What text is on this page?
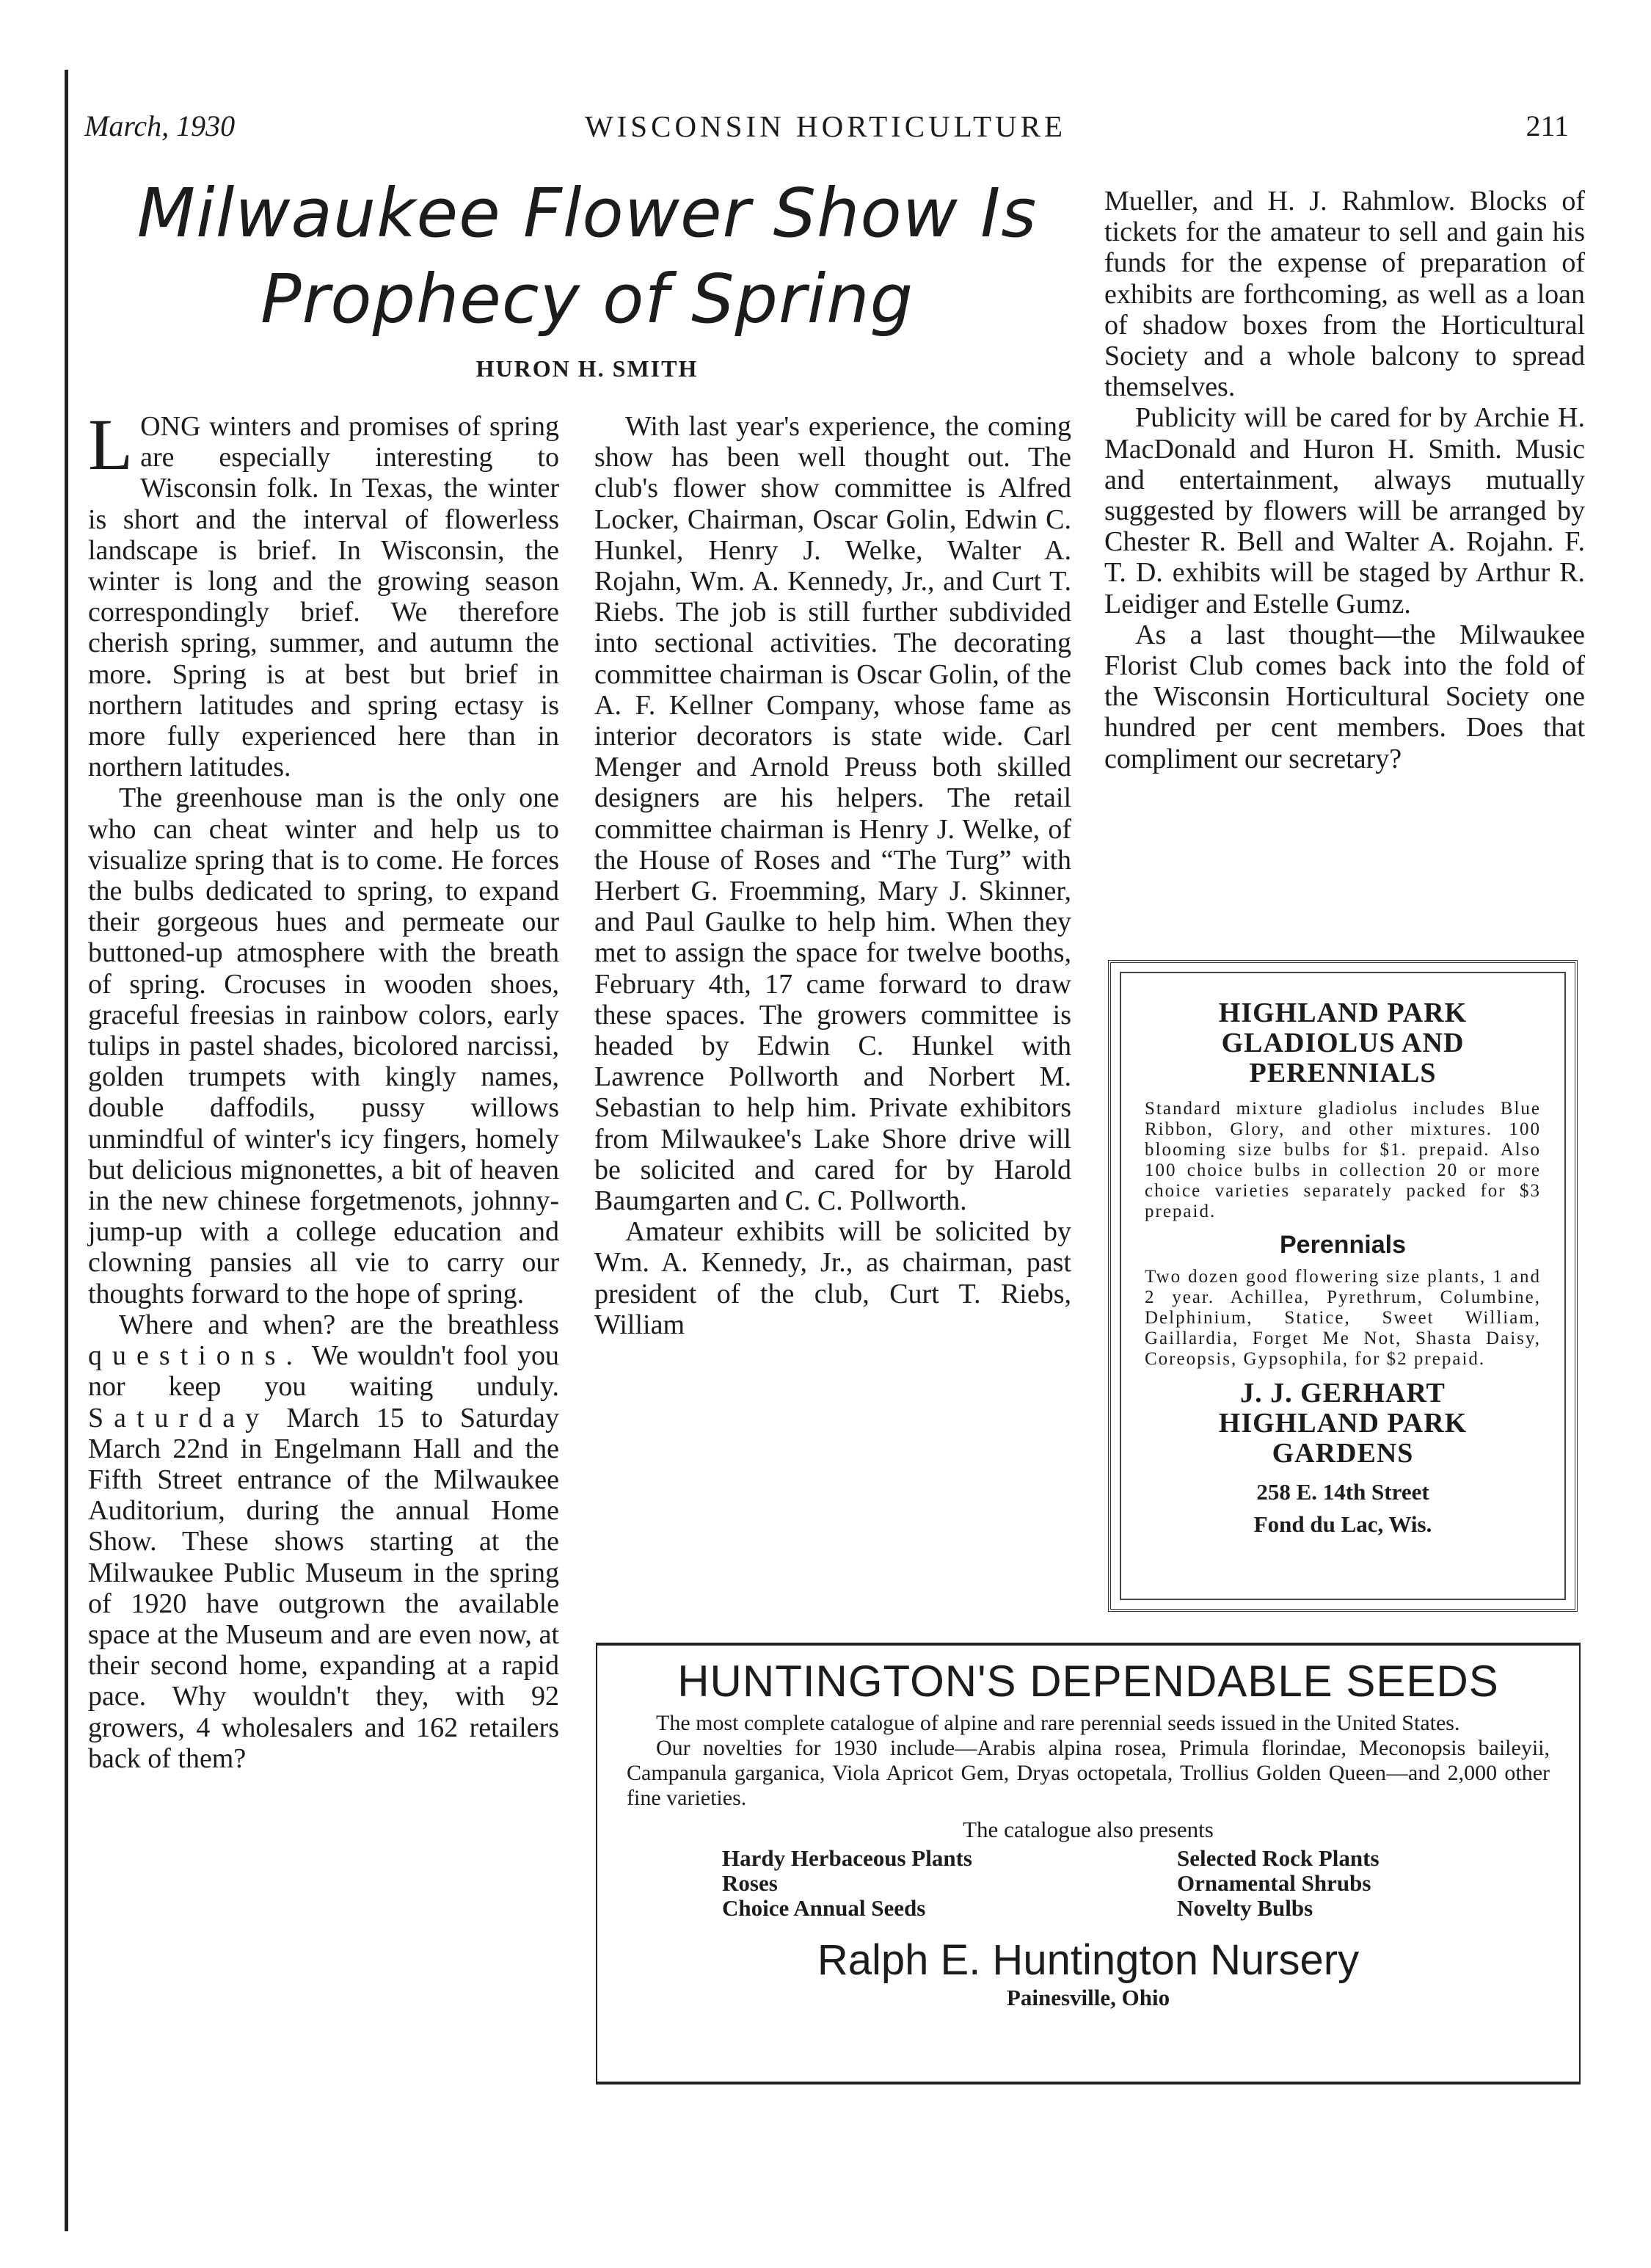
March, 1930	WISCONSIN HORTICULTURE	211
Milwaukee Flower Show Is
Prophecy of Spring
HURON H. SMITH

LONG winters and promises of spring are especially interesting to Wisconsin folk. In Texas, the winter is short and the interval of flowerless landscape is brief. In Wisconsin, the winter is long and the growing season correspondingly brief. We therefore cherish spring, summer, and autumn the more. Spring is at best but brief in northern latitudes and spring ectasy is more fully experienced here than in northern latitudes.

The greenhouse man is the only one who can cheat winter and help us to visualize spring that is to come. He forces the bulbs dedicated to spring, to expand their gorgeous hues and permeate our buttoned-up atmosphere with the breath of spring. Crocuses in wooden shoes, graceful freesias in rainbow colors, early tulips in pastel shades, bicolored narcissi, golden trumpets with kingly names, double daffodils, pussy willows unmindful of winter's icy fingers, homely but delicious mignonettes, a bit of heaven in the new chinese forgetmenots, johnny-jump-up with a college education and clowning pansies all vie to carry our thoughts forward to the hope of spring.

Where and when? are the breathless questions. We wouldn't fool you nor keep you waiting unduly. Saturday March 15 to Saturday March 22nd in Engelmann Hall and the Fifth Street entrance of the Milwaukee Auditorium, during the annual Home Show. These shows starting at the Milwaukee Public Museum in the spring of 1920 have outgrown the available space at the Museum and are even now, at their second home, expanding at a rapid pace. Why wouldn't they, with 92 growers, 4 wholesalers and 162 retailers back of them?

With last year's experience, the coming show has been well thought out. The club's flower show committee is Alfred Locker, Chairman, Oscar Golin, Edwin C. Hunkel, Henry J. Welke, Walter A. Rojahn, Wm. A. Kennedy, Jr., and Curt T. Riebs. The job is still further subdivided into sectional activities. The decorating committee chairman is Oscar Golin, of the A. F. Kellner Company, whose fame as interior decorators is state wide. Carl Menger and Arnold Preuss both skilled designers are his helpers. The retail committee chairman is Henry J. Welke, of the House of Roses and “The Turg” with Herbert G. Froemming, Mary J. Skinner, and Paul Gaulke to help him. When they met to assign the space for twelve booths, February 4th, 17 came forward to draw these spaces. The growers committee is headed by Edwin C. Hunkel with Lawrence Pollworth and Norbert M. Sebastian to help him. Private exhibitors from Milwaukee's Lake Shore drive will be solicited and cared for by Harold Baumgarten and C. C. Pollworth.

Amateur exhibits will be solicited by Wm. A. Kennedy, Jr., as chairman, past president of the club, Curt T. Riebs, William

Mueller, and H. J. Rahmlow. Blocks of tickets for the amateur to sell and gain his funds for the expense of preparation of exhibits are forthcoming, as well as a loan of shadow boxes from the Horticultural Society and a whole balcony to spread themselves.

Publicity will be cared for by Archie H. MacDonald and Huron H. Smith. Music and entertainment, always mutually suggested by flowers will be arranged by Chester R. Bell and Walter A. Rojahn. F. T. D. exhibits will be staged by Arthur R. Leidiger and Estelle Gumz.

As a last thought—the Milwaukee Florist Club comes back into the fold of the Wisconsin Horticultural Society one hundred per cent members. Does that compliment our secretary?

HIGHLAND PARK
GLADIOLUS AND
PERENNIALS
Standard mixture gladiolus includes Blue Ribbon, Glory, and other mixtures. 100 blooming size bulbs for $1. prepaid. Also 100 choice bulbs in collection 20 or more choice varieties separately packed for $3 prepaid.
Perennials
Two dozen good flowering size plants, 1 and 2 year. Achillea, Pyrethrum, Columbine, Delphinium, Statice, Sweet William, Gaillardia, Forget Me Not, Shasta Daisy, Coreopsis, Gypsophila, for $2 prepaid.
J. J. GERHART
HIGHLAND PARK
GARDENS
258 E. 14th Street
Fond du Lac, Wis.
HUNTINGTON'S DEPENDABLE SEEDS
The most complete catalogue of alpine and rare perennial seeds issued in the United States.
Our novelties for 1930 include—Arabis alpina rosea, Primula florindae, Meconopsis baileyii, Campanula garganica, Viola Apricot Gem, Dryas octopetala, Trollius Golden Queen—and 2,000 other fine varieties.
The catalogue also presents
Hardy Herbaceous Plants
Roses
Choice Annual Seeds
Selected Rock Plants
Ornamental Shrubs
Novelty Bulbs
Ralph E. Huntington Nursery
Painesville, Ohio
